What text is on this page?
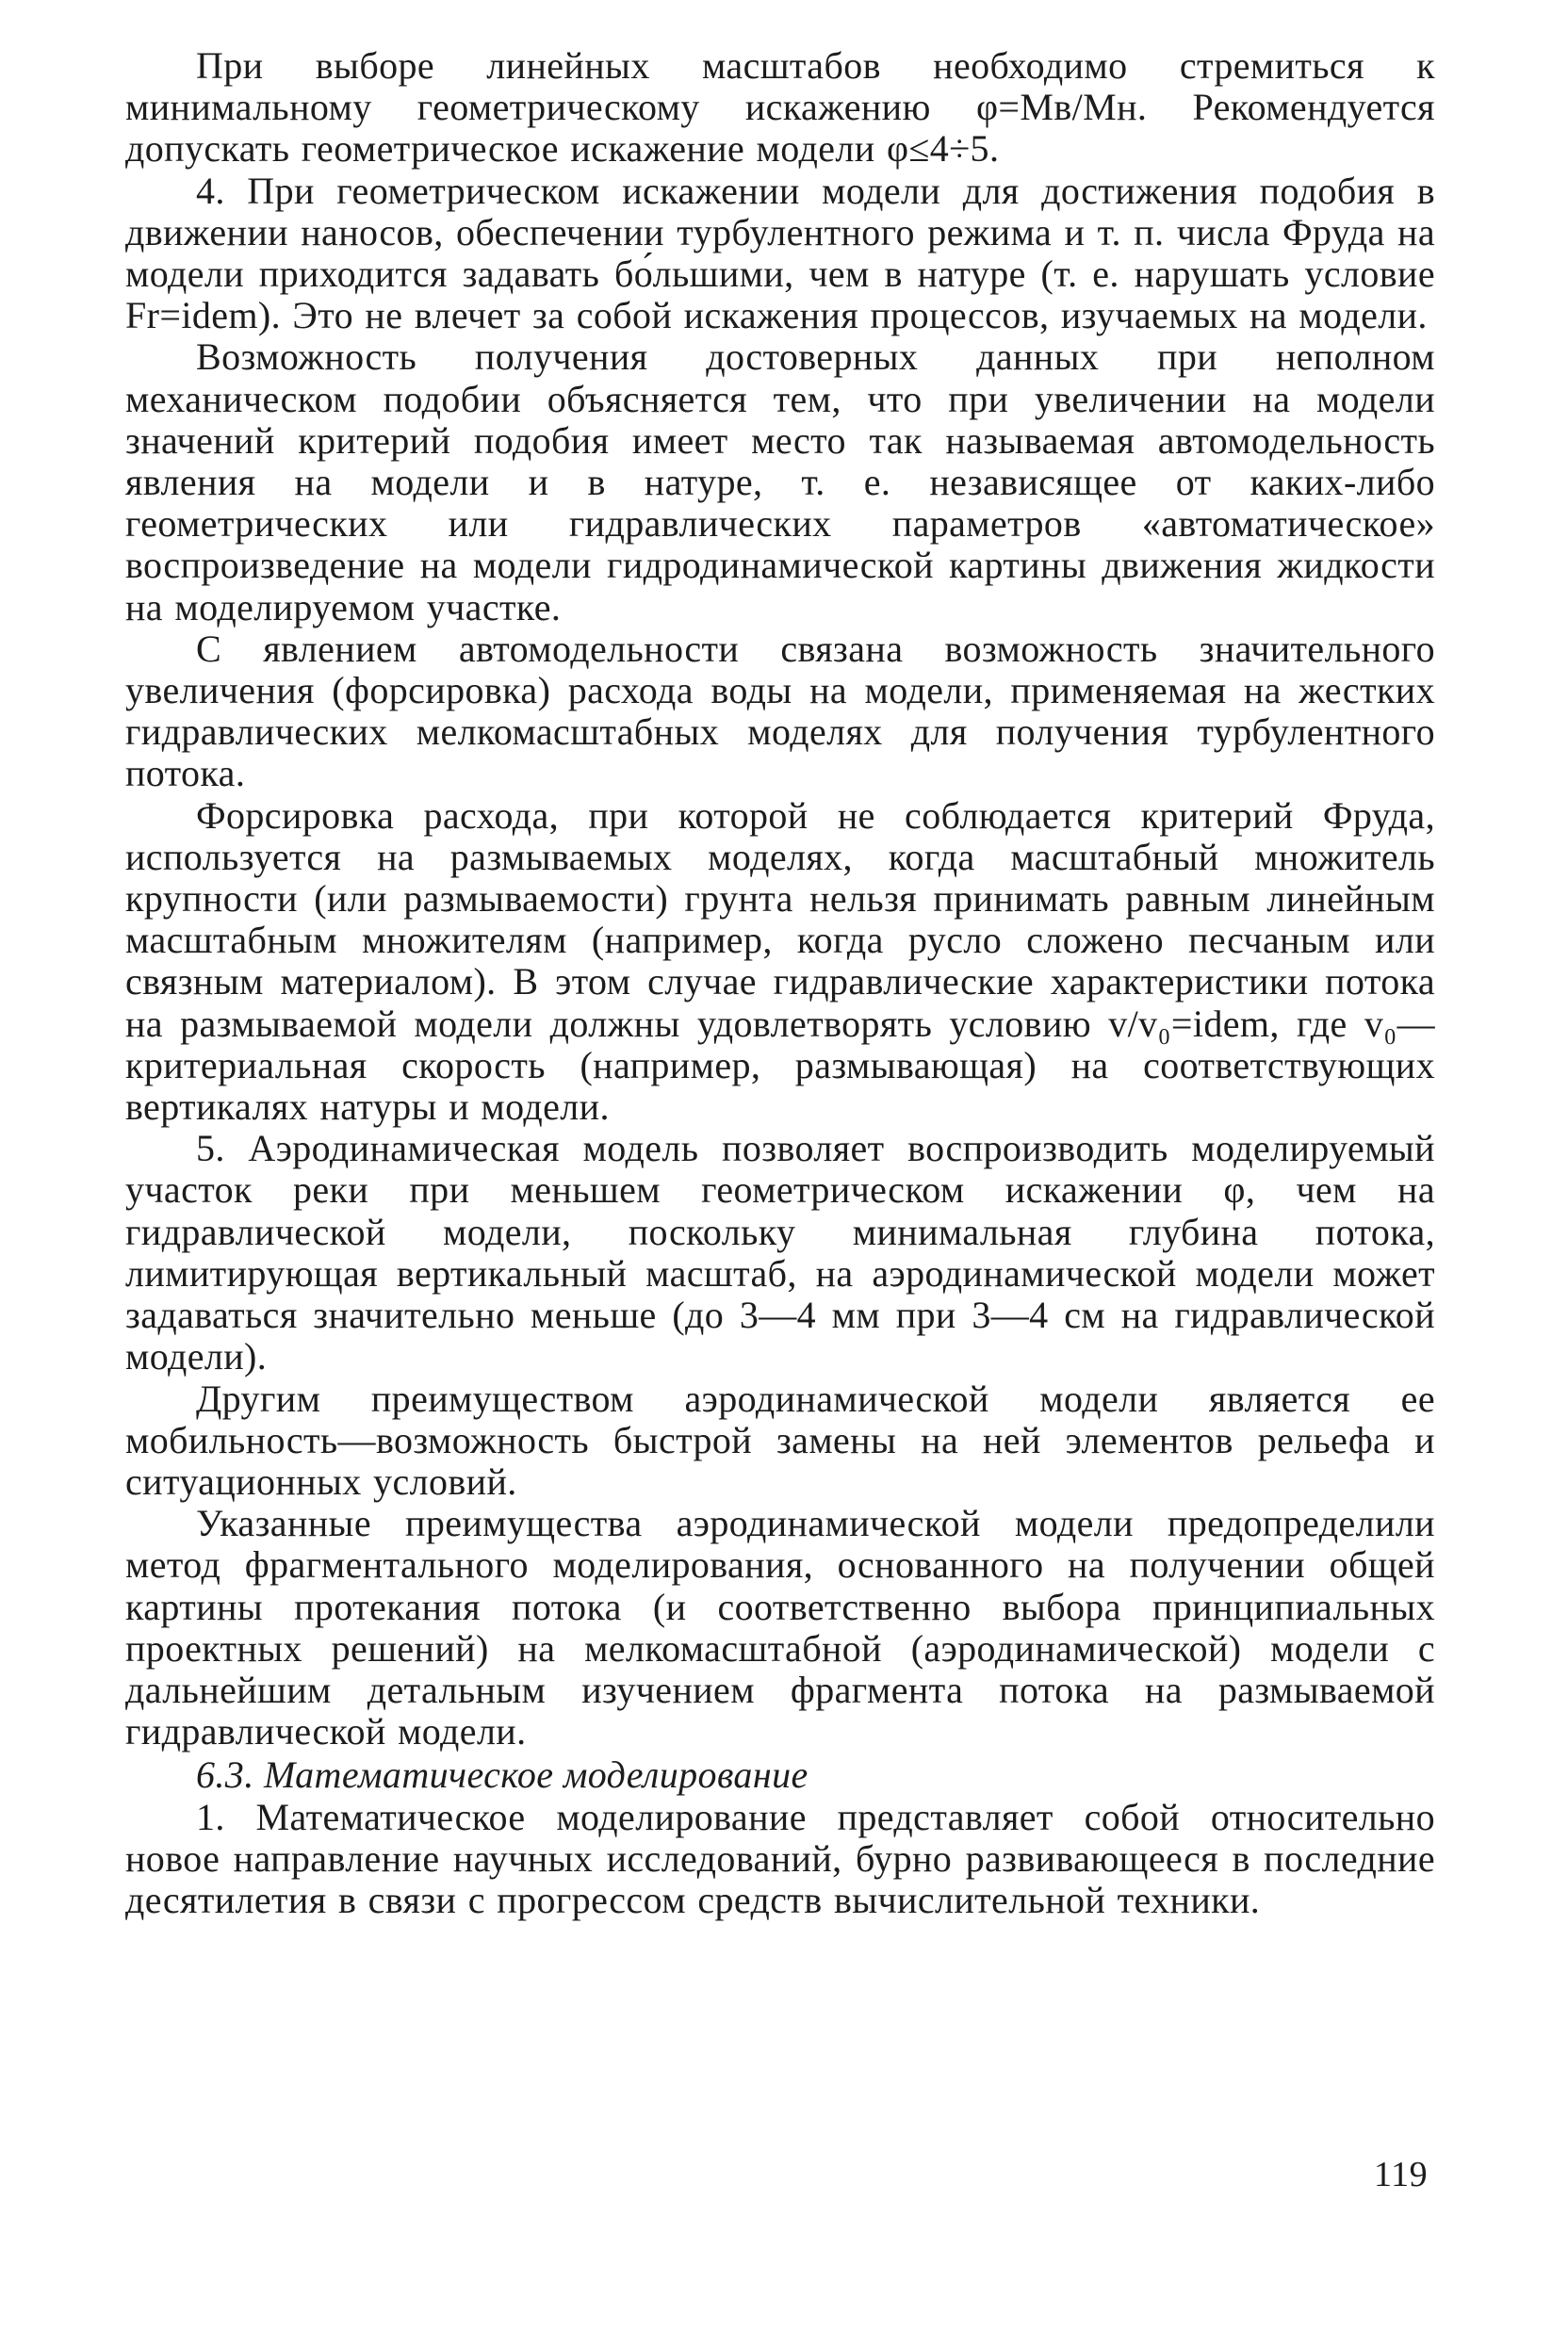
При выборе линейных масштабов необходимо стремиться к минимальному геометрическому искажению φ=Mв/Mн. Рекомендуется допускать геометрическое искажение модели φ≤4÷5.

4. При геометрическом искажении модели для достижения подобия в движении наносов, обеспечении турбулентного режима и т. п. числа Фруда на модели приходится задавать бо́льшими, чем в натуре (т. е. нарушать условие Fr=idem). Это не влечет за собой искажения процессов, изучаемых на модели.

Возможность получения достоверных данных при неполном механическом подобии объясняется тем, что при увеличении на модели значений критерий подобия имеет место так называемая автомодельность явления на модели и в натуре, т. е. независящее от каких-либо геометрических или гидравлических параметров «автоматическое» воспроизведение на модели гидродинамической картины движения жидкости на моделируемом участке.

С явлением автомодельности связана возможность значительного увеличения (форсировка) расхода воды на модели, применяемая на жестких гидравлических мелкомасштабных моделях для получения турбулентного потока.

Форсировка расхода, при которой не соблюдается критерий Фруда, используется на размываемых моделях, когда масштабный множитель крупности (или размываемости) грунта нельзя принимать равным линейным масштабным множителям (например, когда русло сложено песчаным или связным материалом). В этом случае гидравлические характеристики потока на размываемой модели должны удовлетворять условию v/v₀=idem, где v₀—критериальная скорость (например, размывающая) на соответствующих вертикалях натуры и модели.

5. Аэродинамическая модель позволяет воспроизводить моделируемый участок реки при меньшем геометрическом искажении φ, чем на гидравлической модели, поскольку минимальная глубина потока, лимитирующая вертикальный масштаб, на аэродинамической модели может задаваться значительно меньше (до 3—4 мм при 3—4 см на гидравлической модели).

Другим преимуществом аэродинамической модели является ее мобильность—возможность быстрой замены на ней элементов рельефа и ситуационных условий.

Указанные преимущества аэродинамической модели предопределили метод фрагментального моделирования, основанного на получении общей картины протекания потока (и соответственно выбора принципиальных проектных решений) на мелкомасштабной (аэродинамической) модели с дальнейшим детальным изучением фрагмента потока на размываемой гидравлической модели.

6.3. Математическое моделирование

1. Математическое моделирование представляет собой относительно новое направление научных исследований, бурно развивающееся в последние десятилетия в связи с прогрессом средств вычислительной техники.

119
